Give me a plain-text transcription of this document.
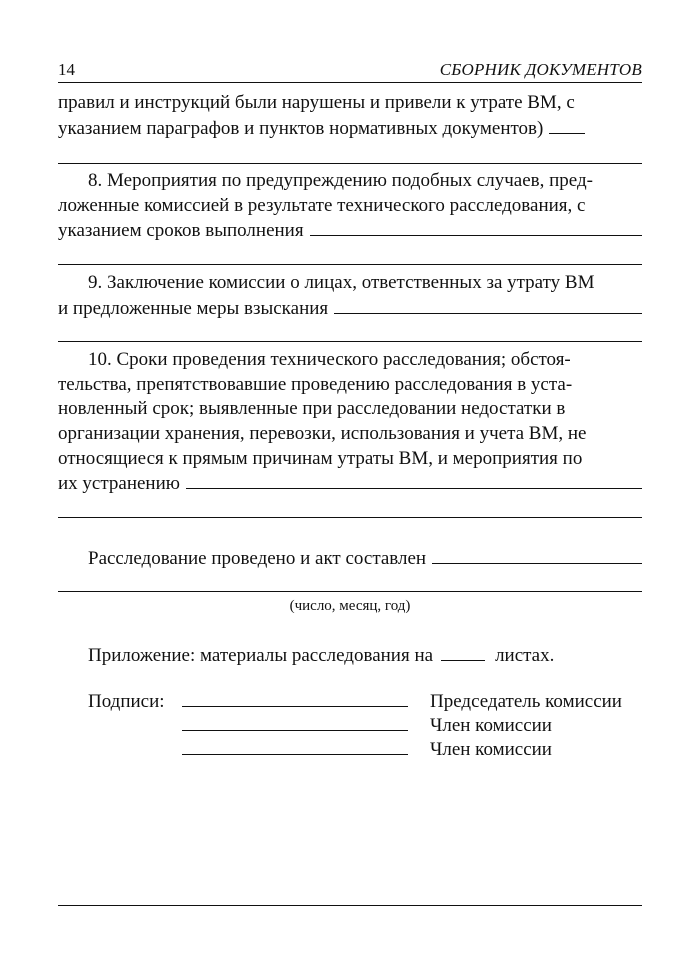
14	СБОРНИК ДОКУМЕНТОВ

правил и инструкций были нарушены и привели к утрате ВМ, с

указанием параграфов и пунктов нормативных документов)

8. Мероприятия по предупреждению подобных случаев, пред-

ложенные комиссией в результате технического расследования, с

указанием сроков выполнения

9. Заключение комиссии о лицах, ответственных за утрату ВМ

и предложенные меры взыскания

10. Сроки проведения технического расследования; обстоя-

тельства, препятствовавшие проведению расследования в уста-

новленный срок; выявленные при расследовании недостатки в

организации хранения, перевозки, использования и учета ВМ, не

относящиеся к прямым причинам утраты ВМ, и мероприятия по

их устранению
Расследование проведено и акт составлен
(число, месяц, год)
Приложение: материалы расследования на	листах.
Подписи:	Председатель комиссии
Член комиссии
Член комиссии
